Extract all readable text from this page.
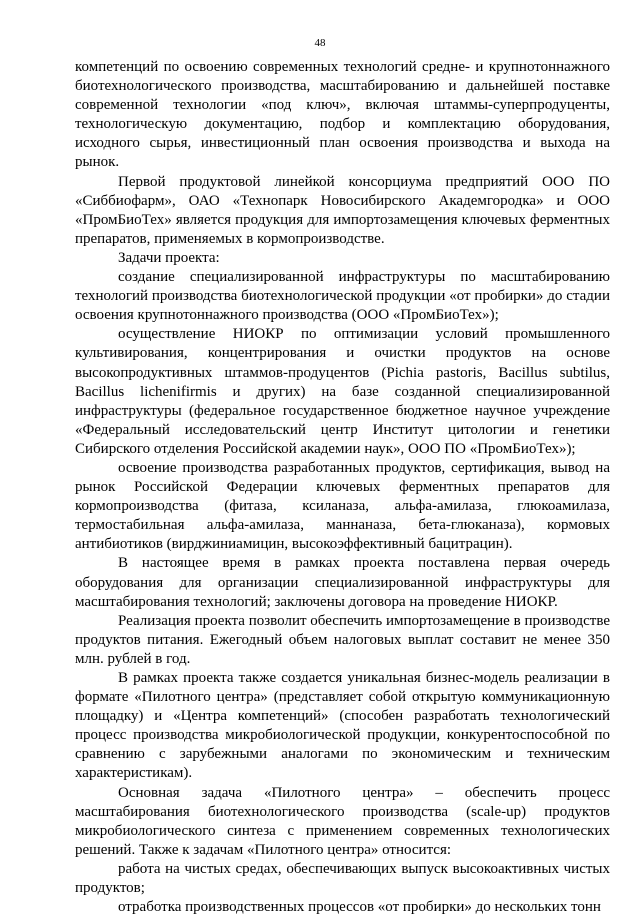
48

компетенций по освоению современных технологий средне- и крупнотоннажного биотехнологического производства, масштабированию и дальнейшей поставке современной технологии «под ключ», включая штаммы-суперпродуценты, технологическую документацию, подбор и комплектацию оборудования, исходного сырья, инвестиционный план освоения производства и выхода на рынок.

Первой продуктовой линейкой консорциума предприятий ООО ПО «Сиббиофарм», ОАО «Технопарк Новосибирского Академгородка» и ООО «ПромБиоТех» является продукция для импортозамещения ключевых ферментных препаратов, применяемых в кормопроизводстве.

Задачи проекта:

создание специализированной инфраструктуры по масштабированию технологий производства биотехнологической продукции «от пробирки» до стадии освоения крупнотоннажного производства (ООО «ПромБиоТех»);

осуществление НИОКР по оптимизации условий промышленного культивирования, концентрирования и очистки продуктов на основе высокопродуктивных штаммов-продуцентов (Pichia pastoris, Bacillus subtilus, Bacillus lichenifirmis и других) на базе созданной специализированной инфраструктуры (федеральное государственное бюджетное научное учреждение «Федеральный исследовательский центр Институт цитологии и генетики Сибирского отделения Российской академии наук», ООО ПО «ПромБиоТех»);

освоение производства разработанных продуктов, сертификация, вывод на рынок Российской Федерации ключевых ферментных препаратов для кормопроизводства (фитаза, ксиланаза, альфа-амилаза, глюкоамилаза, термостабильная альфа-амилаза, маннаназа, бета-глюканаза), кормовых антибиотиков (вирджиниамицин, высокоэффективный бацитрацин).

В настоящее время в рамках проекта поставлена первая очередь оборудования для организации специализированной инфраструктуры для масштабирования технологий; заключены договора на проведение НИОКР.

Реализация проекта позволит обеспечить импортозамещение в производстве продуктов питания. Ежегодный объем налоговых выплат составит не менее 350 млн. рублей в год.

В рамках проекта также создается уникальная бизнес-модель реализации в формате «Пилотного центра» (представляет собой открытую коммуникационную площадку) и «Центра компетенций» (способен разработать технологический процесс производства микробиологической продукции, конкурентоспособной по сравнению с зарубежными аналогами по экономическим и техническим характеристикам).

Основная задача «Пилотного центра» – обеспечить процесс масштабирования биотехнологического производства (scale-up) продуктов микробиологического синтеза с применением современных технологических решений. Также к задачам «Пилотного центра» относится:

работа на чистых средах, обеспечивающих выпуск высокоактивных чистых продуктов;

отработка производственных процессов «от пробирки» до нескольких тонн
